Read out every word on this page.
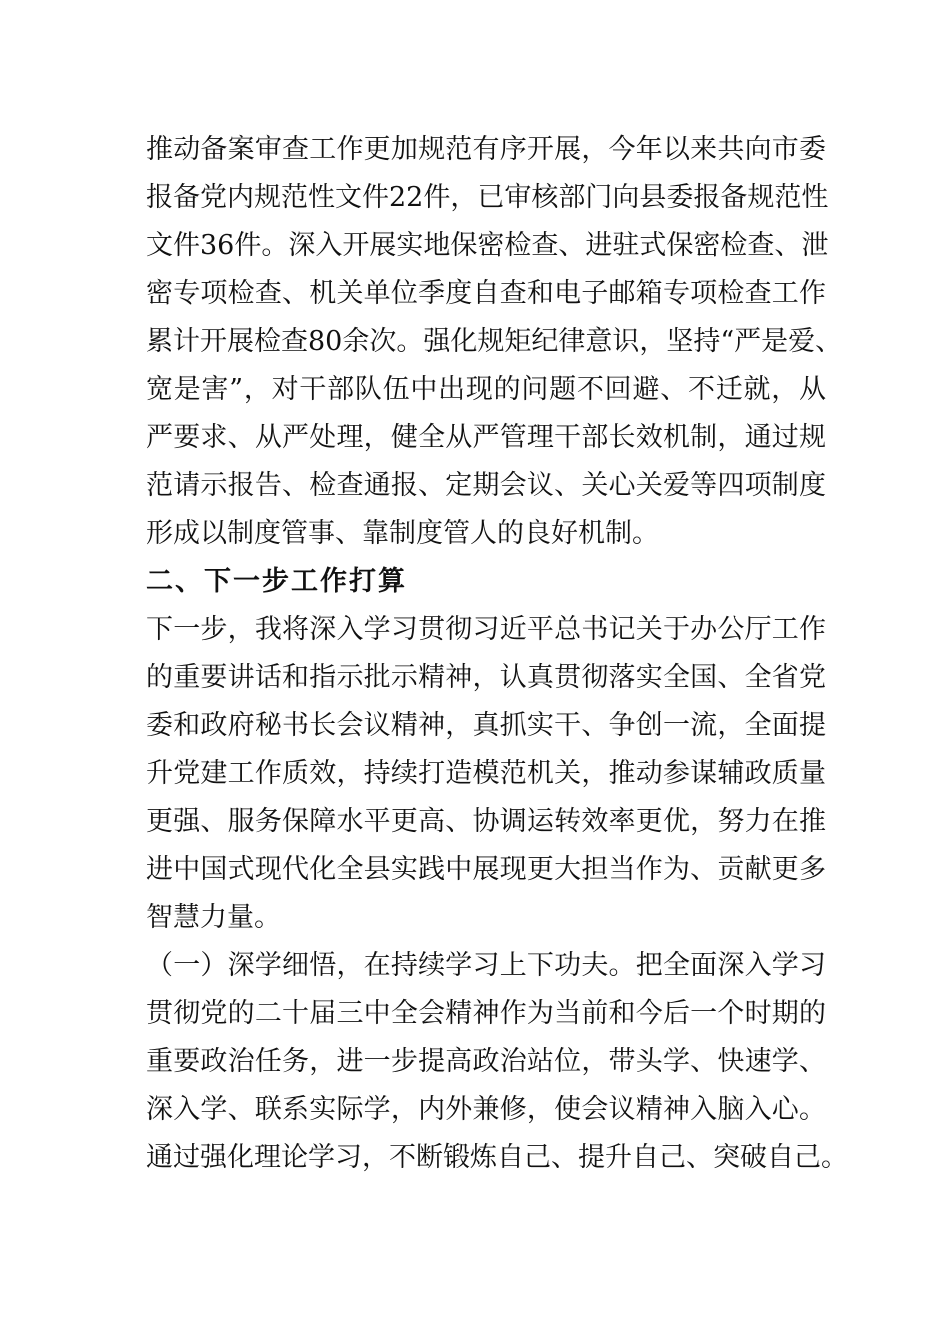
推动备案审查工作更加规范有序开展，今年以来共向市委
报备党内规范性文件22件，已审核部门向县委报备规范性
文件36件。深入开展实地保密检查、进驻式保密检查、泄
密专项检查、机关单位季度自查和电子邮箱专项检查工作
累计开展检查80余次。强化规矩纪律意识，坚持“严是爱、
宽是害”，对干部队伍中出现的问题不回避、不迁就，从
严要求、从严处理，健全从严管理干部长效机制，通过规
范请示报告、检查通报、定期会议、关心关爱等四项制度
形成以制度管事、靠制度管人的良好机制。
二、下一步工作打算
下一步，我将深入学习贯彻习近平总书记关于办公厅工作
的重要讲话和指示批示精神，认真贯彻落实全国、全省党
委和政府秘书长会议精神，真抓实干、争创一流，全面提
升党建工作质效，持续打造模范机关，推动参谋辅政质量
更强、服务保障水平更高、协调运转效率更优，努力在推
进中国式现代化全县实践中展现更大担当作为、贡献更多
智慧力量。
（一）深学细悟，在持续学习上下功夫。把全面深入学习
贯彻党的二十届三中全会精神作为当前和今后一个时期的
重要政治任务，进一步提高政治站位，带头学、快速学、
深入学、联系实际学，内外兼修，使会议精神入脑入心。
通过强化理论学习，不断锻炼自己、提升自己、突破自己。
